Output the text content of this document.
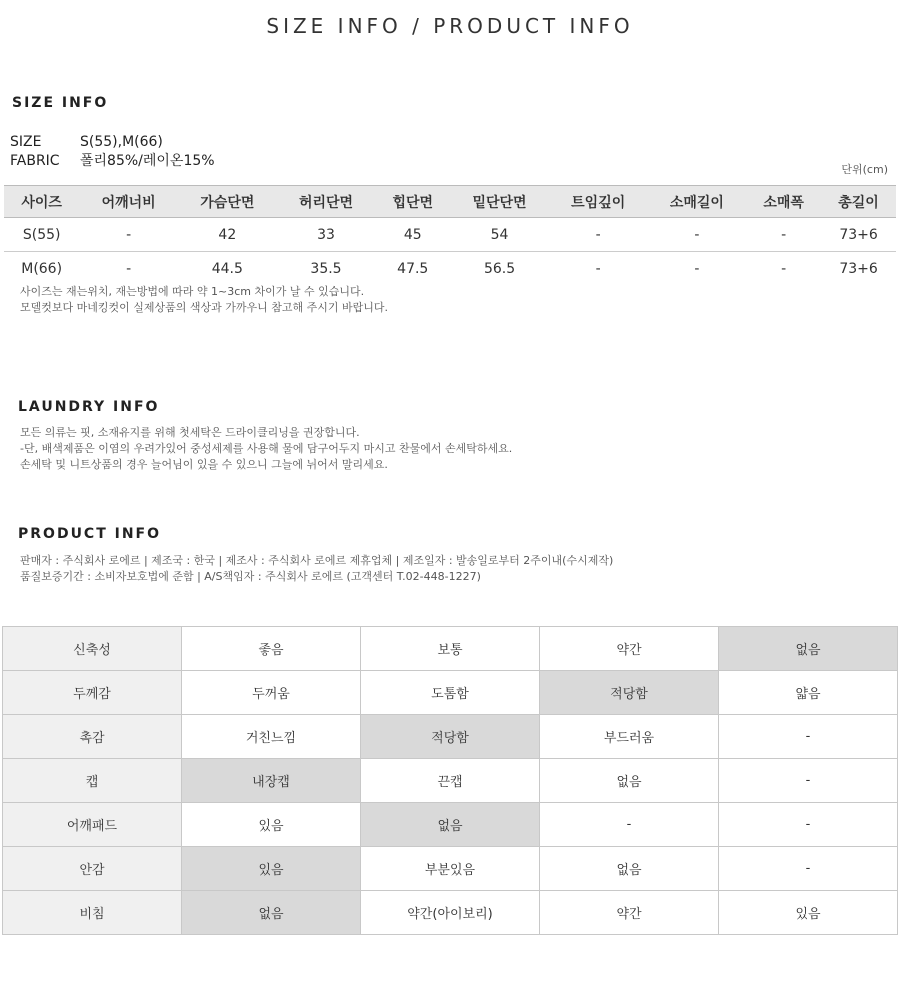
SIZE INFO / PRODUCT INFO
SIZE INFO
SIZE	S(55),M(66)
FABRIC 폴리85%/레이온15%
단위(cm)
사이즈	어깨너비	가슴단면	허리단면	힙단면	밑단단면	트임깊이	소매길이	소매폭	총길이
S(55)	-	42	33	45	54	-	-	-	73+6
M(66)	-	44.5	35.5	47.5	56.5	-	-	-	73+6
사이즈는 재는위치, 재는방법에 따라 약 1~3cm 차이가 날 수 있습니다.
모델컷보다 마네킹컷이 실제상품의 색상과 가까우니 참고해 주시기 바랍니다.
LAUNDRY INFO
모든 의류는 핏, 소재유지를 위해 첫세탁은 드라이클리닝을 권장합니다.
-단, 배색제품은 이염의 우려가있어 중성세제를 사용해 물에 담구어두지 마시고 찬물에서 손세탁하세요.
손세탁 및 니트상품의 경우 늘어님이 있을 수 있으니 그늘에 뉘어서 말리세요.
PRODUCT INFO
판매자 : 주식회사 로에르 | 제조국 : 한국 | 제조사 : 주식회사 로에르 제휴업체 | 제조일자 : 발송일로부터 2주이내(수시제작)
품질보증기간 : 소비자보호법에 준함 | A/S책임자 : 주식회사 로에르 (고객센터 T.02-448-1227)
신축성	좋음	보통	약간	없음
두께감	두꺼움	도톰함	적당함	얇음
촉감	거친느낌	적당함	부드러움	-
캡	내장캡	끈캡	없음	-
어깨패드	있음	없음	-	-
안감	있음	부분있음	없음	-
비침	없음	약간(아이보리)	약간	있음
